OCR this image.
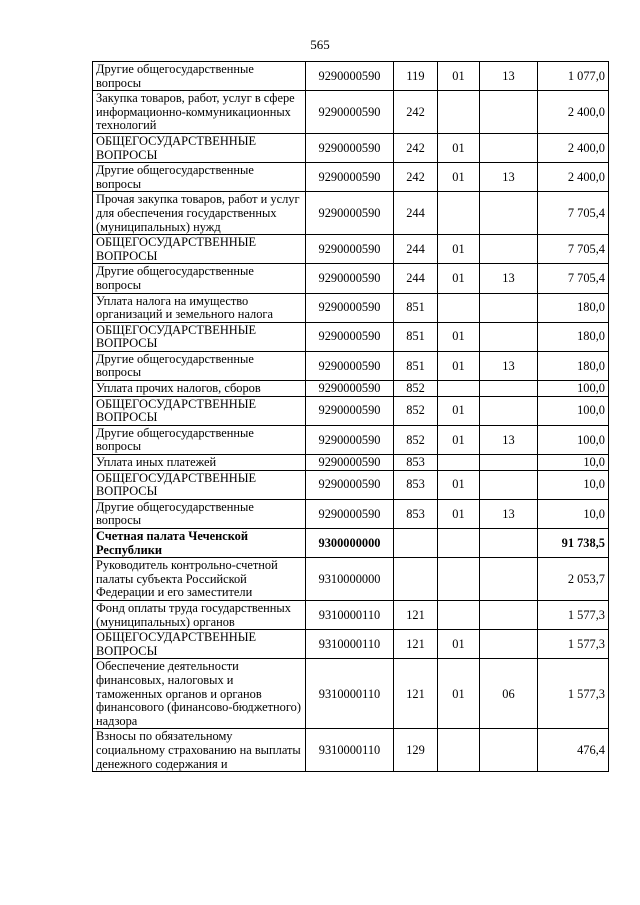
565
Другие общегосударственные вопросы	9290000590	119	01	13	1 077,0
Закупка товаров, работ, услуг в сфере информационно-коммуникационных технологий	9290000590	242			2 400,0
ОБЩЕГОСУДАРСТВЕННЫЕ ВОПРОСЫ	9290000590	242	01		2 400,0
Другие общегосударственные вопросы	9290000590	242	01	13	2 400,0
Прочая закупка товаров, работ и услуг для обеспечения государственных (муниципальных) нужд	9290000590	244			7 705,4
ОБЩЕГОСУДАРСТВЕННЫЕ ВОПРОСЫ	9290000590	244	01		7 705,4
Другие общегосударственные вопросы	9290000590	244	01	13	7 705,4
Уплата налога на имущество организаций и земельного налога	9290000590	851			180,0
ОБЩЕГОСУДАРСТВЕННЫЕ ВОПРОСЫ	9290000590	851	01		180,0
Другие общегосударственные вопросы	9290000590	851	01	13	180,0
Уплата прочих налогов, сборов	9290000590	852			100,0
ОБЩЕГОСУДАРСТВЕННЫЕ ВОПРОСЫ	9290000590	852	01		100,0
Другие общегосударственные вопросы	9290000590	852	01	13	100,0
Уплата иных платежей	9290000590	853			10,0
ОБЩЕГОСУДАРСТВЕННЫЕ ВОПРОСЫ	9290000590	853	01		10,0
Другие общегосударственные вопросы	9290000590	853	01	13	10,0
Счетная палата Чеченской Республики	9300000000				91 738,5
Руководитель контрольно-счетной палаты субъекта Российской Федерации и его заместители	9310000000				2 053,7
Фонд оплаты труда государственных (муниципальных) органов	9310000110	121			1 577,3
ОБЩЕГОСУДАРСТВЕННЫЕ ВОПРОСЫ	9310000110	121	01		1 577,3
Обеспечение деятельности финансовых, налоговых и таможенных органов и органов финансового (финансово-бюджетного) надзора	9310000110	121	01	06	1 577,3
Взносы по обязательному социальному страхованию на выплаты денежного содержания и	9310000110	129			476,4
